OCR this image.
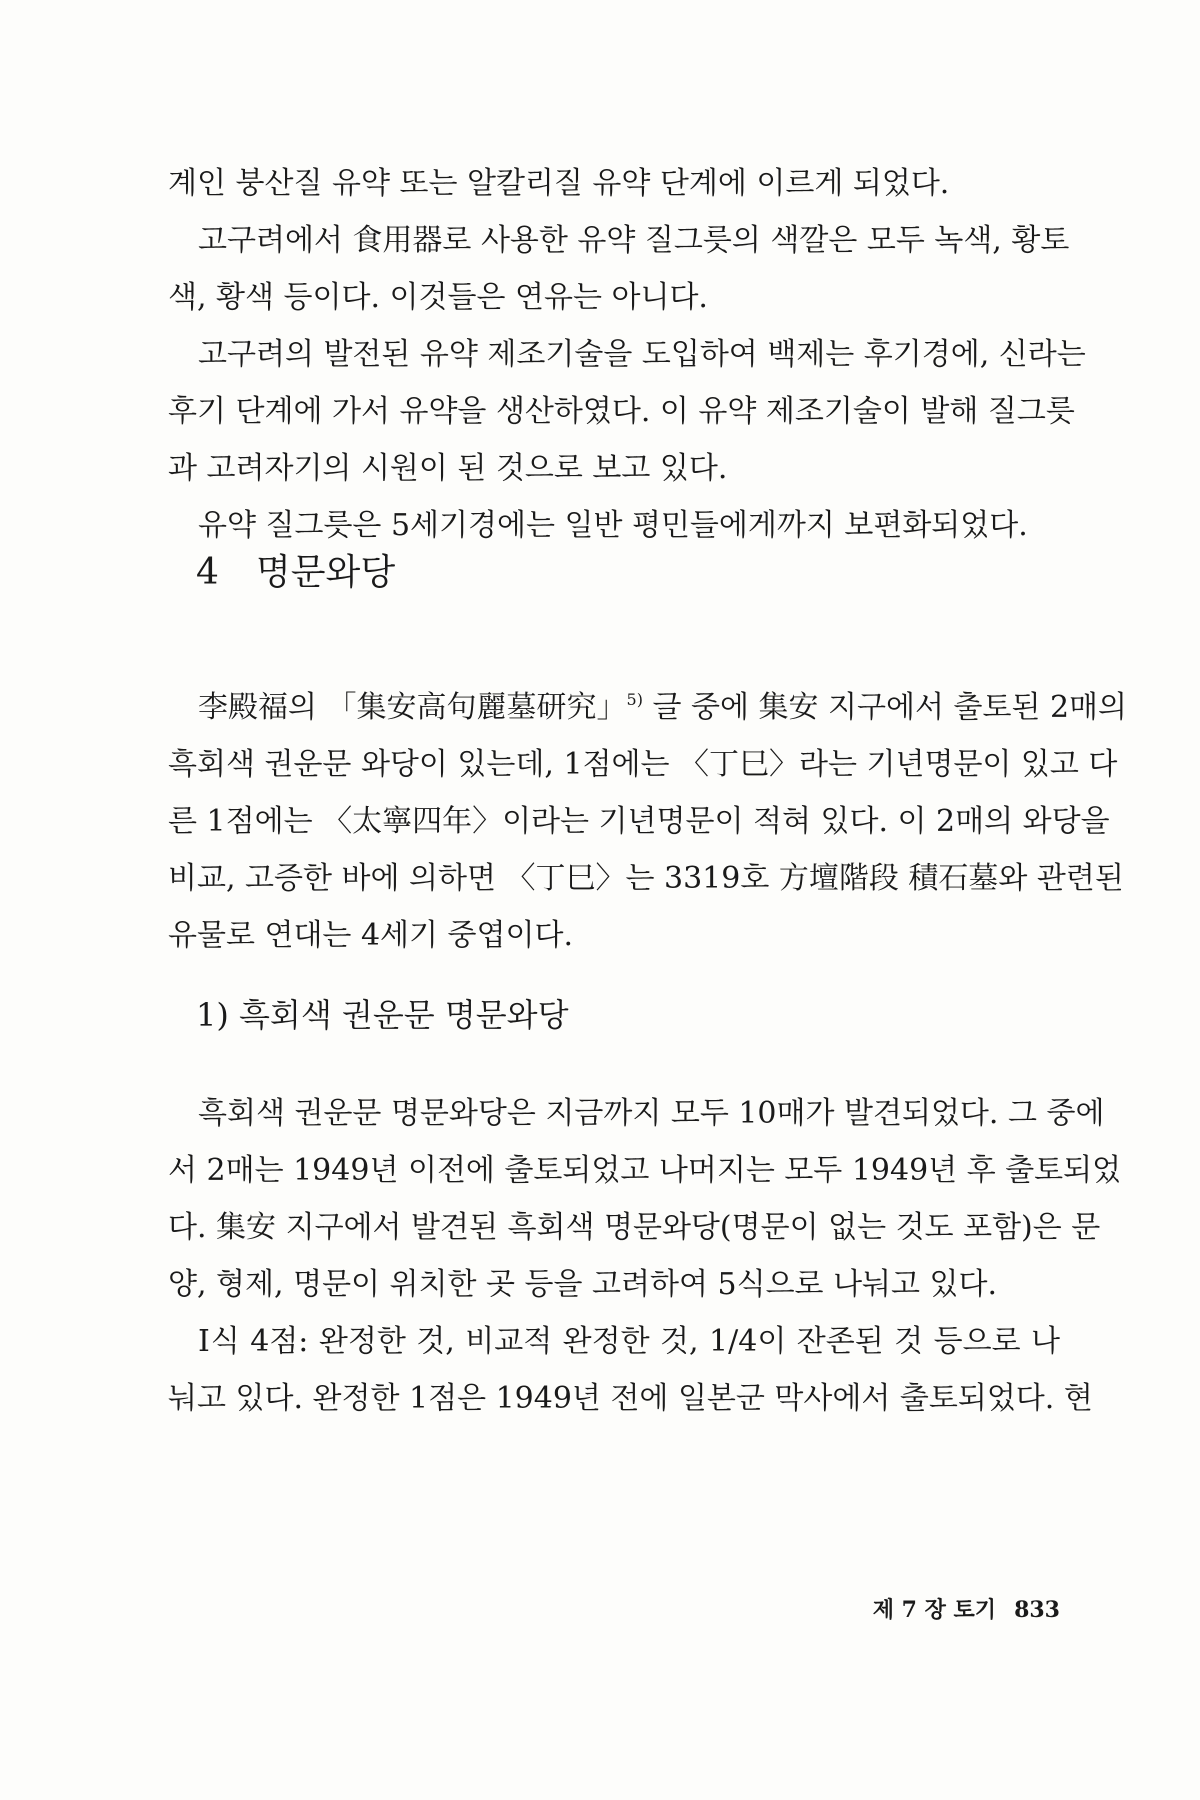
계인 붕산질 유약 또는 알칼리질 유약 단계에 이르게 되었다.
고구려에서 食用器로 사용한 유약 질그릇의 색깔은 모두 녹색, 황토
색, 황색 등이다. 이것들은 연유는 아니다.
고구려의 발전된 유약 제조기술을 도입하여 백제는 후기경에, 신라는
후기 단계에 가서 유약을 생산하였다. 이 유약 제조기술이 발해 질그릇
과 고려자기의 시원이 된 것으로 보고 있다.
유약 질그릇은 5세기경에는 일반 평민들에게까지 보편화되었다.
4 명문와당
李殿福의 「集安高句麗墓研究」$^{5)}$ 글 중에 集安 지구에서 출토된 2매의
흑회색 권운문 와당이 있는데, 1점에는 〈丁巳〉라는 기년명문이 있고 다
른 1점에는 〈太寧四年〉이라는 기년명문이 적혀 있다. 이 2매의 와당을
비교, 고증한 바에 의하면 〈丁巳〉는 3319호 方壇階段 積石墓와 관련된
유물로 연대는 4세기 중엽이다.
1) 흑회색 권운문 명문와당
흑회색 권운문 명문와당은 지금까지 모두 10매가 발견되었다. 그 중에
서 2매는 1949년 이전에 출토되었고 나머지는 모두 1949년 후 출토되었
다. 集安 지구에서 발견된 흑회색 명문와당(명문이 없는 것도 포함)은 문
양, 형제, 명문이 위치한 곳 등을 고려하여 5식으로 나눠고 있다.
Ⅰ식 4점: 완정한 것, 비교적 완정한 것, 1/4이 잔존된 것 등으로 나
눠고 있다. 완정한 1점은 1949년 전에 일본군 막사에서 출토되었다. 현
제 7 장 토기 833
